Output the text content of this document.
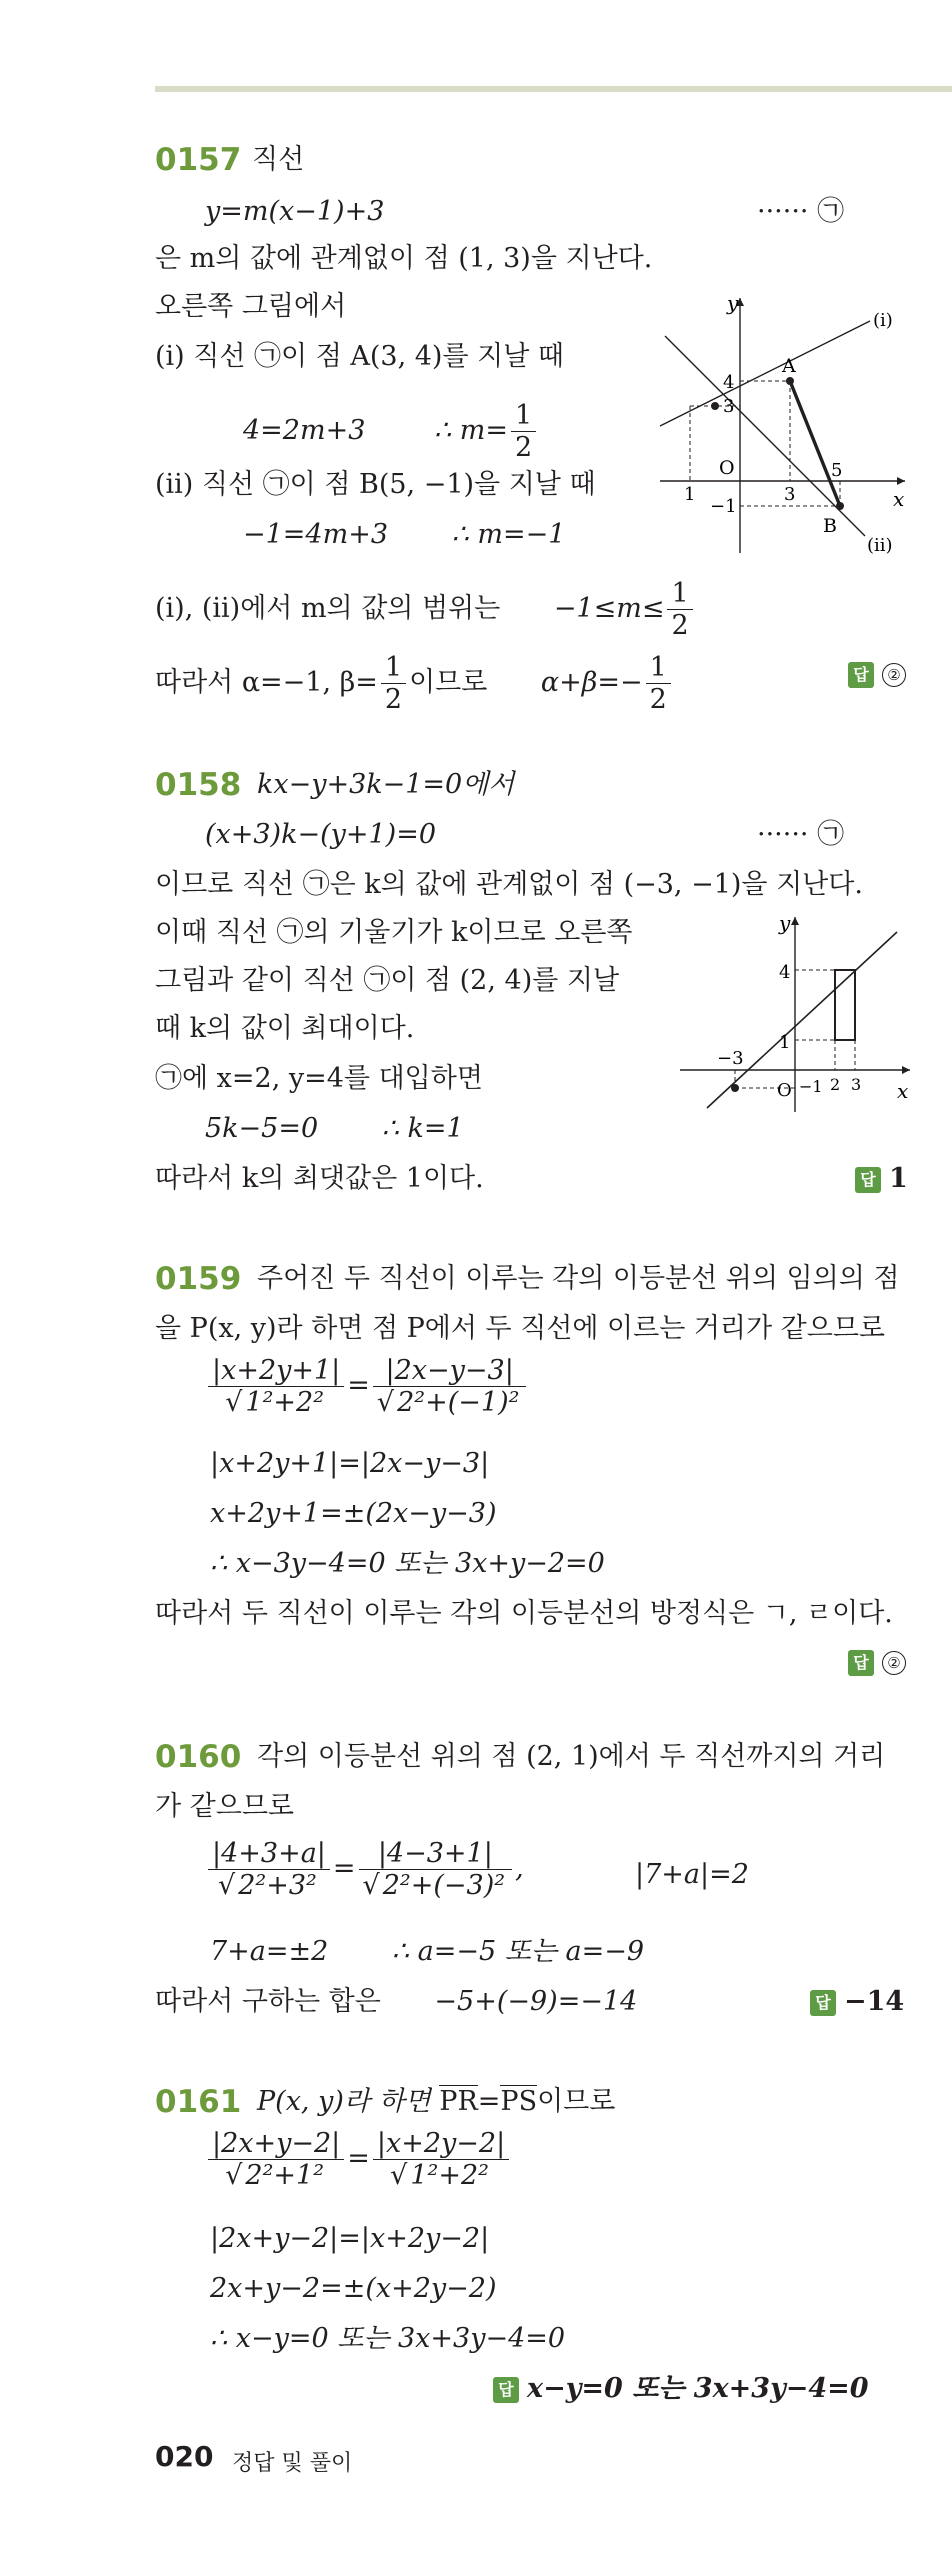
0157 직선
y=m(x−1)+3	······ ㉠
은 m의 값에 관계없이 점 (1, 3)을 지난다.
오른쪽 그림에서
(i) 직선 ㉠이 점 A(3, 4)를 지날 때
4=2m+3	∴ $m= \frac{1}{2}$
(ii) 직선 ㉠이 점 B(5, −1)을 지날 때
−1=4m+3 ∴ m=−1
(i), (ii)에서 m의 값의 범위는 $-1\le m\le \frac{1}{2}$
따라서 α=−1, $\beta= \frac{1}{2}$ 이므로 $\alpha+\beta=- \frac{1}{2}$	답 ②
y
x
O
A
B
(i)
(ii)
4
3
1	3
5
−1
0158 kx−y+3k−1=0에서
(x+3)k−(y+1)=0	······ ㉠
이므로 직선 ㉠은 k의 값에 관계없이 점 (−3, −1)을 지난다.
이때 직선 ㉠의 기울기가 k이므로 오른쪽
그림과 같이 직선 ㉠이 점 (2, 4)를 지날
때 k의 값이 최대이다.
㉠에 x=2, y=4를 대입하면
5k−5=0 ∴ k=1
따라서 k의 최댓값은 1이다.	답 1
y
x
O
4
1
−3
−1 2 3
0159 주어진 두 직선이 이루는 각의 이등분선 위의 임의의 점
을 P(x, y)라 하면 점 P에서 두 직선에 이르는 거리가 같으므로
$\frac{|x+2y+1|}{\text{√ 1²+2²}} = \frac{|2x-y-3|}{\text{√ 2²+(−1)²}}$
|x+2y+1|=|2x−y−3|
x+2y+1=±(2x−y−3)
∴ x−3y−4=0 또는 3x+y−2=0
따라서 두 직선이 이루는 각의 이등분선의 방정식은 ㄱ, ㄹ이다.
답 ②
0160 각의 이등분선 위의 점 (2, 1)에서 두 직선까지의 거리
가 같으므로
$\frac{|4+3+a|}{\text{√ 2²+3²}} = \frac{|4-3+1|}{\text{√ 2²+(−3)²}}$ ,	|7+a|=2
7+a=±2 ∴ a=−5 또는 a=−9
따라서 구하는 합은 −5+(−9)=−14	답 −14
0161 P(x, y)라 하면 PR=PS이므로
$\frac{|2x+y-2|}{\text{√ 2²+1²}} = \frac{|x+2y-2|}{\text{√ 1²+2²}}$
|2x+y−2|=|x+2y−2|
2x+y−2=±(x+2y−2)
∴ x−y=0 또는 3x+3y−4=0
답 x−y=0 또는 3x+3y−4=0
020 정답 및 풀이
